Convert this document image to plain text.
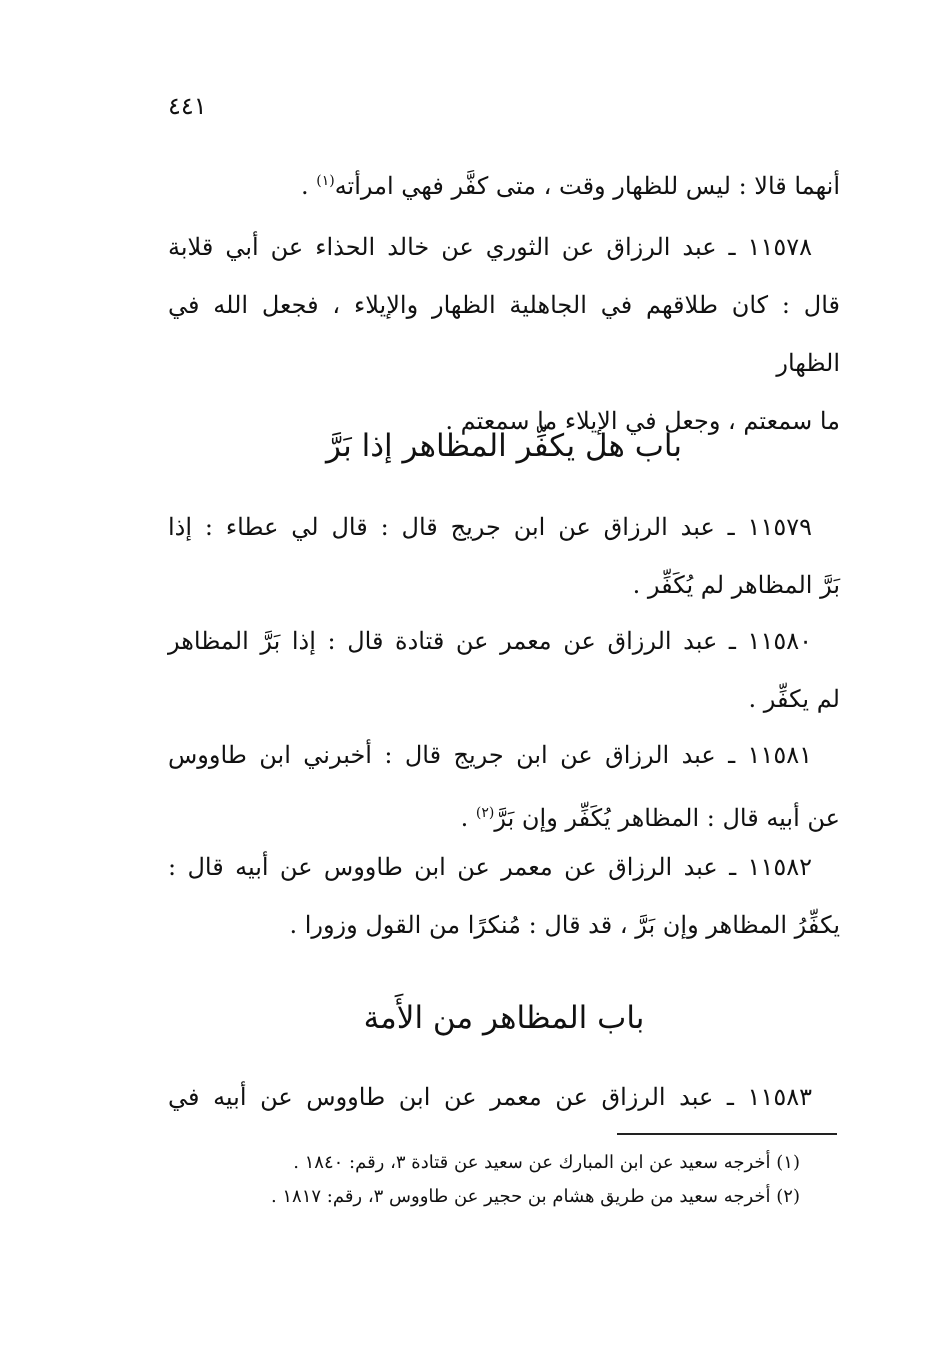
٤٤١
أنهما قالا : ليس للظهار وقت ، متى كفَّر فهي امرأته$^{(١)}$ .
١١٥٧٨ ـ عبد الرزاق عن الثوري عن خالد الحذاء عن أبي قلابة
قال : كان طلاقهم في الجاهلية الظهار والإيلاء ، فجعل الله في الظهار
ما سمعتم ، وجعل في الإيلاء ما سمعتم .
باب هل يكفِّر المظاهر إذا بَرَّ
١١٥٧٩ ـ عبد الرزاق عن ابن جريج قال : قال لي عطاء : إذا
بَرَّ المظاهر لم يُكَفِّر .
١١٥٨٠ ـ عبد الرزاق عن معمر عن قتادة قال : إذا بَرَّ المظاهر
لم يكفِّر .
١١٥٨١ ـ عبد الرزاق عن ابن جريج قال : أخبرني ابن طاووس
عن أبيه قال : المظاهر يُكَفِّر وإن بَرَّ$^{(٢)}$ .
١١٥٨٢ ـ عبد الرزاق عن معمر عن ابن طاووس عن أبيه قال :
يكفِّرُ المظاهر وإن بَرَّ ، قد قال : مُنكرًا من القول وزورا .
باب المظاهر من الأَمة
١١٥٨٣ ـ عبد الرزاق عن معمر عن ابن طاووس عن أبيه في
(١) أخرجه سعيد عن ابن المبارك عن سعيد عن قتادة ٣، رقم: ١٨٤٠ .
(٢) أخرجه سعيد من طريق هشام بن حجير عن طاووس ٣، رقم: ١٨١٧ .
